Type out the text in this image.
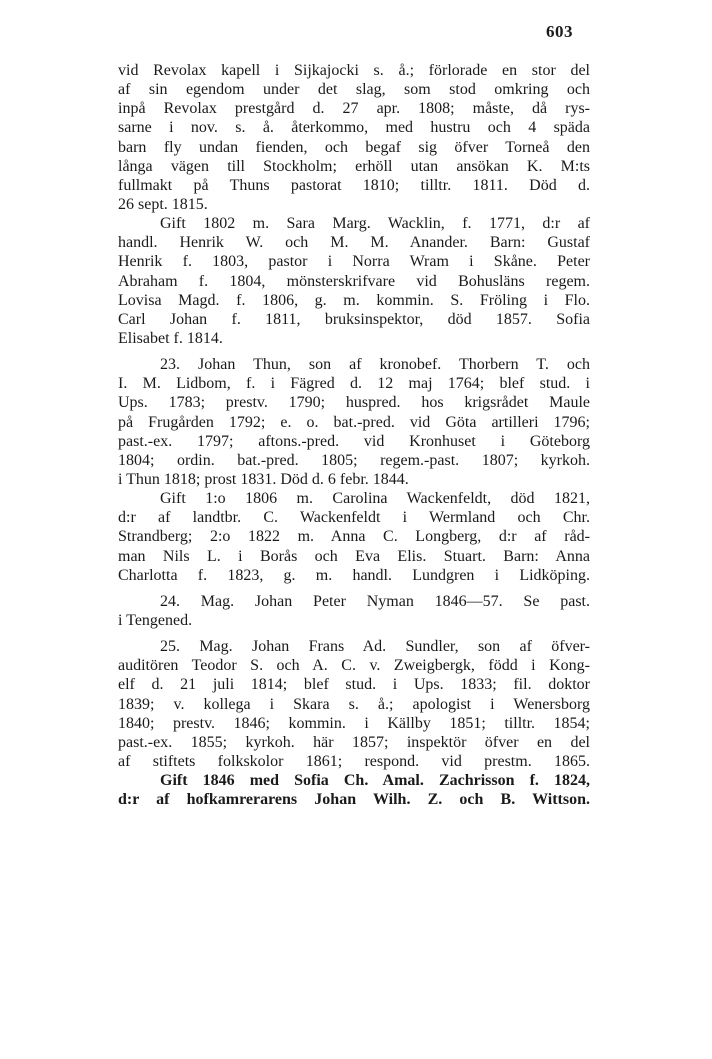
603
vid Revolax kapell i Sijkajocki s. å.; förlorade en stor del
af sin egendom under det slag, som stod omkring och
inpå Revolax prestgård d. 27 apr. 1808; måste, då rys-
sarne i nov. s. å. återkommo, med hustru och 4 späda
barn fly undan fienden, och begaf sig öfver Torneå den
långa vägen till Stockholm; erhöll utan ansökan K. M:ts
fullmakt på Thuns pastorat 1810; tilltr. 1811. Död d.
26 sept. 1815.
Gift 1802 m. Sara Marg. Wacklin, f. 1771, d:r af
handl. Henrik W. och M. M. Anander. Barn: Gustaf
Henrik f. 1803, pastor i Norra Wram i Skåne. Peter
Abraham f. 1804, mönsterskrifvare vid Bohusläns regem.
Lovisa Magd. f. 1806, g. m. kommin. S. Fröling i Flo.
Carl Johan f. 1811, bruksinspektor, död 1857. Sofia
Elisabet f. 1814.
23. Johan Thun, son af kronobef. Thorbern T. och
I. M. Lidbom, f. i Fägred d. 12 maj 1764; blef stud. i
Ups. 1783; prestv. 1790; huspred. hos krigsrådet Maule
på Frugården 1792; e. o. bat.-pred. vid Göta artilleri 1796;
past.-ex. 1797; aftons.-pred. vid Kronhuset i Göteborg
1804; ordin. bat.-pred. 1805; regem.-past. 1807; kyrkoh.
i Thun 1818; prost 1831. Död d. 6 febr. 1844.
Gift 1:o 1806 m. Carolina Wackenfeldt, död 1821,
d:r af landtbr. C. Wackenfeldt i Wermland och Chr.
Strandberg; 2:o 1822 m. Anna C. Longberg, d:r af råd-
man Nils L. i Borås och Eva Elis. Stuart. Barn: Anna
Charlotta f. 1823, g. m. handl. Lundgren i Lidköping.
24. Mag. Johan Peter Nyman 1846—57. Se past.
i Tengened.
25. Mag. Johan Frans Ad. Sundler, son af öfver-
auditören Teodor S. och A. C. v. Zweigbergk, född i Kong-
elf d. 21 juli 1814; blef stud. i Ups. 1833; fil. doktor
1839; v. kollega i Skara s. å.; apologist i Wenersborg
1840; prestv. 1846; kommin. i Källby 1851; tilltr. 1854;
past.-ex. 1855; kyrkoh. här 1857; inspektör öfver en del
af stiftets folkskolor 1861; respond. vid prestm. 1865.
Gift 1846 med Sofia Ch. Amal. Zachrisson f. 1824,
d:r af hofkamrerarens Johan Wilh. Z. och B. Wittson.
